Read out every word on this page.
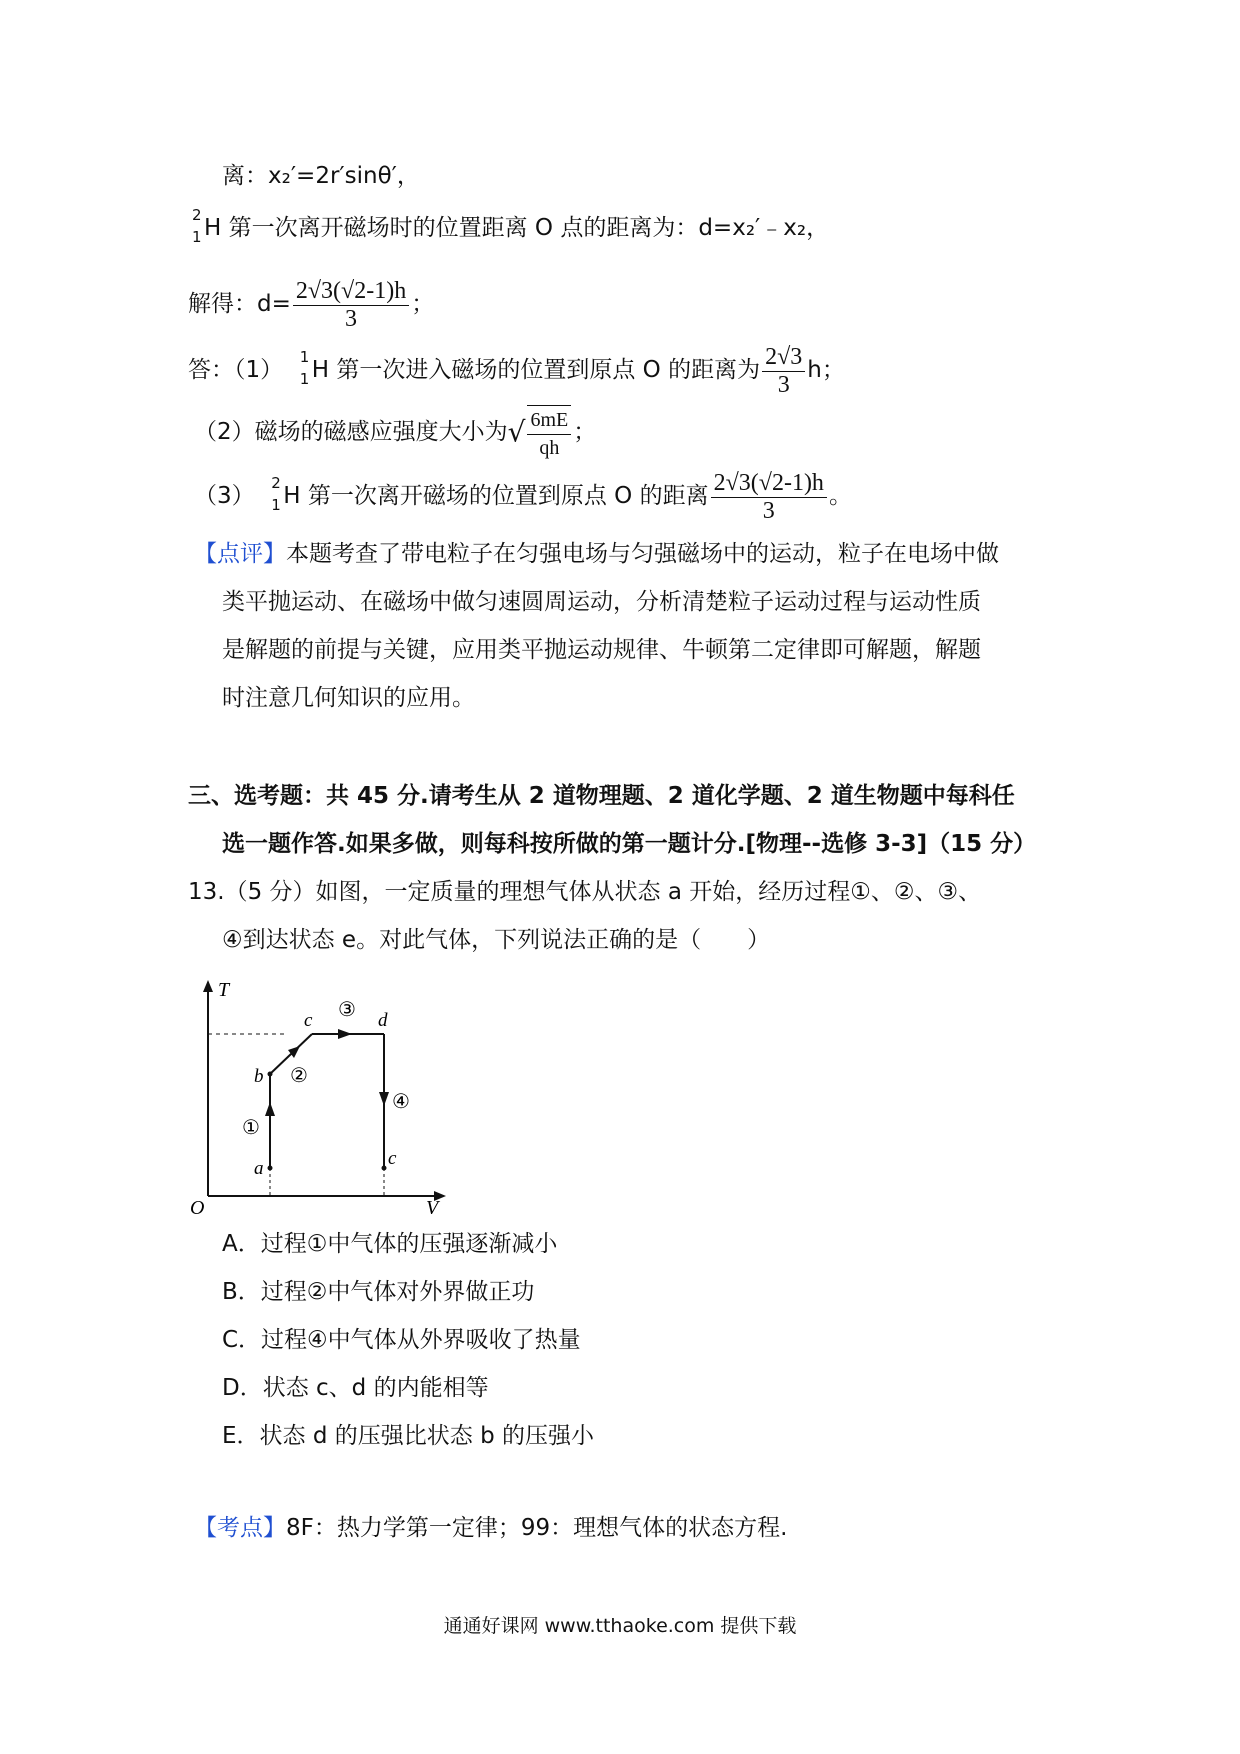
离：x₂′=2r′sinθ′，
2
1 H 第一次离开磁场时的位置距离 O 点的距离为：d=x₂′﹣x₂，
解得：$d= \frac{2√3(√2-1)h}{3}$ ；
答：（1）
1
1 H 第一次进入磁场的位置到原点 O 的距离为 $\frac{2√3}{3}$ h；
（2）磁场的磁感应强度大小为√ $\frac{6mE}{qh}$ ；
（3）
2
1 H 第一次离开磁场的位置到原点 O 的距离 $\frac{2√3(√2-1)h}{3}$ 。
【点评】本题考查了带电粒子在匀强电场与匀强磁场中的运动，粒子在电场中做
类平抛运动、在磁场中做匀速圆周运动，分析清楚粒子运动过程与运动性质
是解题的前提与关键，应用类平抛运动规律、牛顿第二定律即可解题，解题
时注意几何知识的应用。
三、选考题：共 45 分.请考生从 2 道物理题、2 道化学题、2 道生物题中每科任
选一题作答.如果多做，则每科按所做的第一题计分.[物理--选修 3-3]（15 分）
13.（5 分）如图，一定质量的理想气体从状态 a 开始，经历过程①、②、③、
④到达状态 e。对此气体，下列说法正确的是（　　）
T
V
O
a
b
c	d
c
①
②
③
④
A．过程①中气体的压强逐渐减小
B．过程②中气体对外界做正功
C．过程④中气体从外界吸收了热量
D．状态 c、d 的内能相等
E．状态 d 的压强比状态 b 的压强小
【考点】8F：热力学第一定律；99：理想气体的状态方程.
通通好课网 www.tthaoke.com 提供下载
